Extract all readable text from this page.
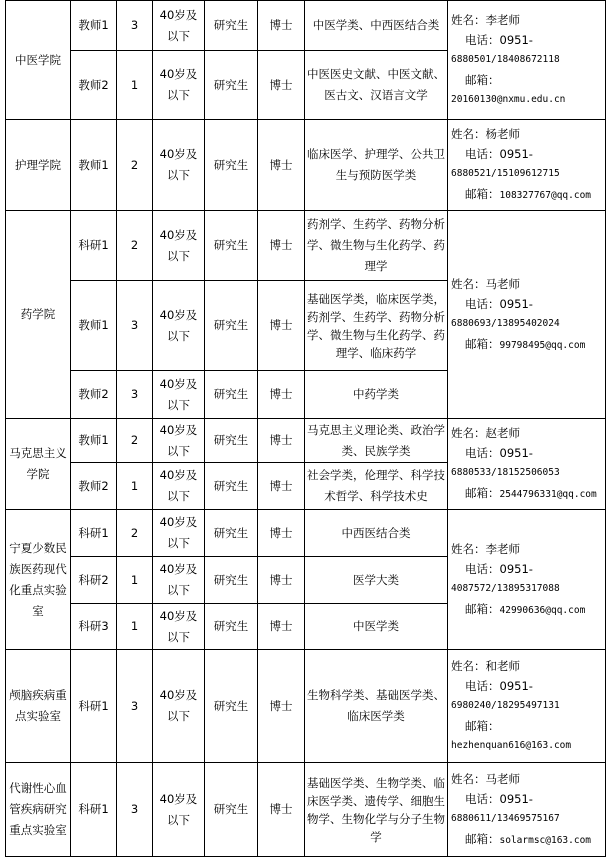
中医学院	教师1	3	40岁及以下	研究生	博士	中医学类、中西医结合类	姓名：李老师
电话：0951-
6880501/18408672118
邮箱：
20160130@nxmu.edu.cn

	教师2	1	40岁及以下	研究生	博士	中医医史文献、中医文献、医古文、汉语言文学	
护理学院	教师1	2	40岁及以下	研究生	博士	临床医学、护理学、公共卫生与预防医学类	姓名：杨老师
电话：0951-
6880521/15109612715
邮箱：108327767@qq.com

药学院	科研1	2	40岁及以下	研究生	博士	药剂学、生药学、药物分析学、微生物与生化药学、药理学	姓名：马老师
电话：0951-
6880693/13895402024
邮箱：99798495@qq.com

	教师1	3	40岁及以下	研究生	博士	基础医学类，临床医学类，药剂学、生药学、药物分析学、微生物与生化药学、药理学、临床药学	
	教师2	3	40岁及以下	研究生	博士	中药学类	
马克思主义学院	教师1	2	40岁及以下	研究生	博士	马克思主义理论类、政治学类、民族学类	姓名：赵老师
电话：0951-
6880533/18152506053
邮箱：2544796331@qq.com

	教师2	1	40岁及以下	研究生	博士	社会学类，伦理学、科学技术哲学、科学技术史	
宁夏少数民族医药现代化重点实验室	科研1	2	40岁及以下	研究生	博士	中西医结合类	姓名：李老师
电话：0951-
4087572/13895317088
邮箱：42990636@qq.com

	科研2	1	40岁及以下	研究生	博士	医学大类	
	科研3	1	40岁及以下	研究生	博士	中医学类	
颅脑疾病重点实验室	科研1	3	40岁及以下	研究生	博士	生物科学类、基础医学类、临床医学类	姓名：和老师
电话：0951-
6980240/18295497131
邮箱：
hezhenquan616@163.com

代谢性心血管疾病研究重点实验室	科研1	3	40岁及以下	研究生	博士	基础医学类、生物学类、临床医学类、遗传学、细胞生物学、生物化学与分子生物学	姓名：马老师
电话：0951-
6880611/13469575167
邮箱：solarmsc@163.com
